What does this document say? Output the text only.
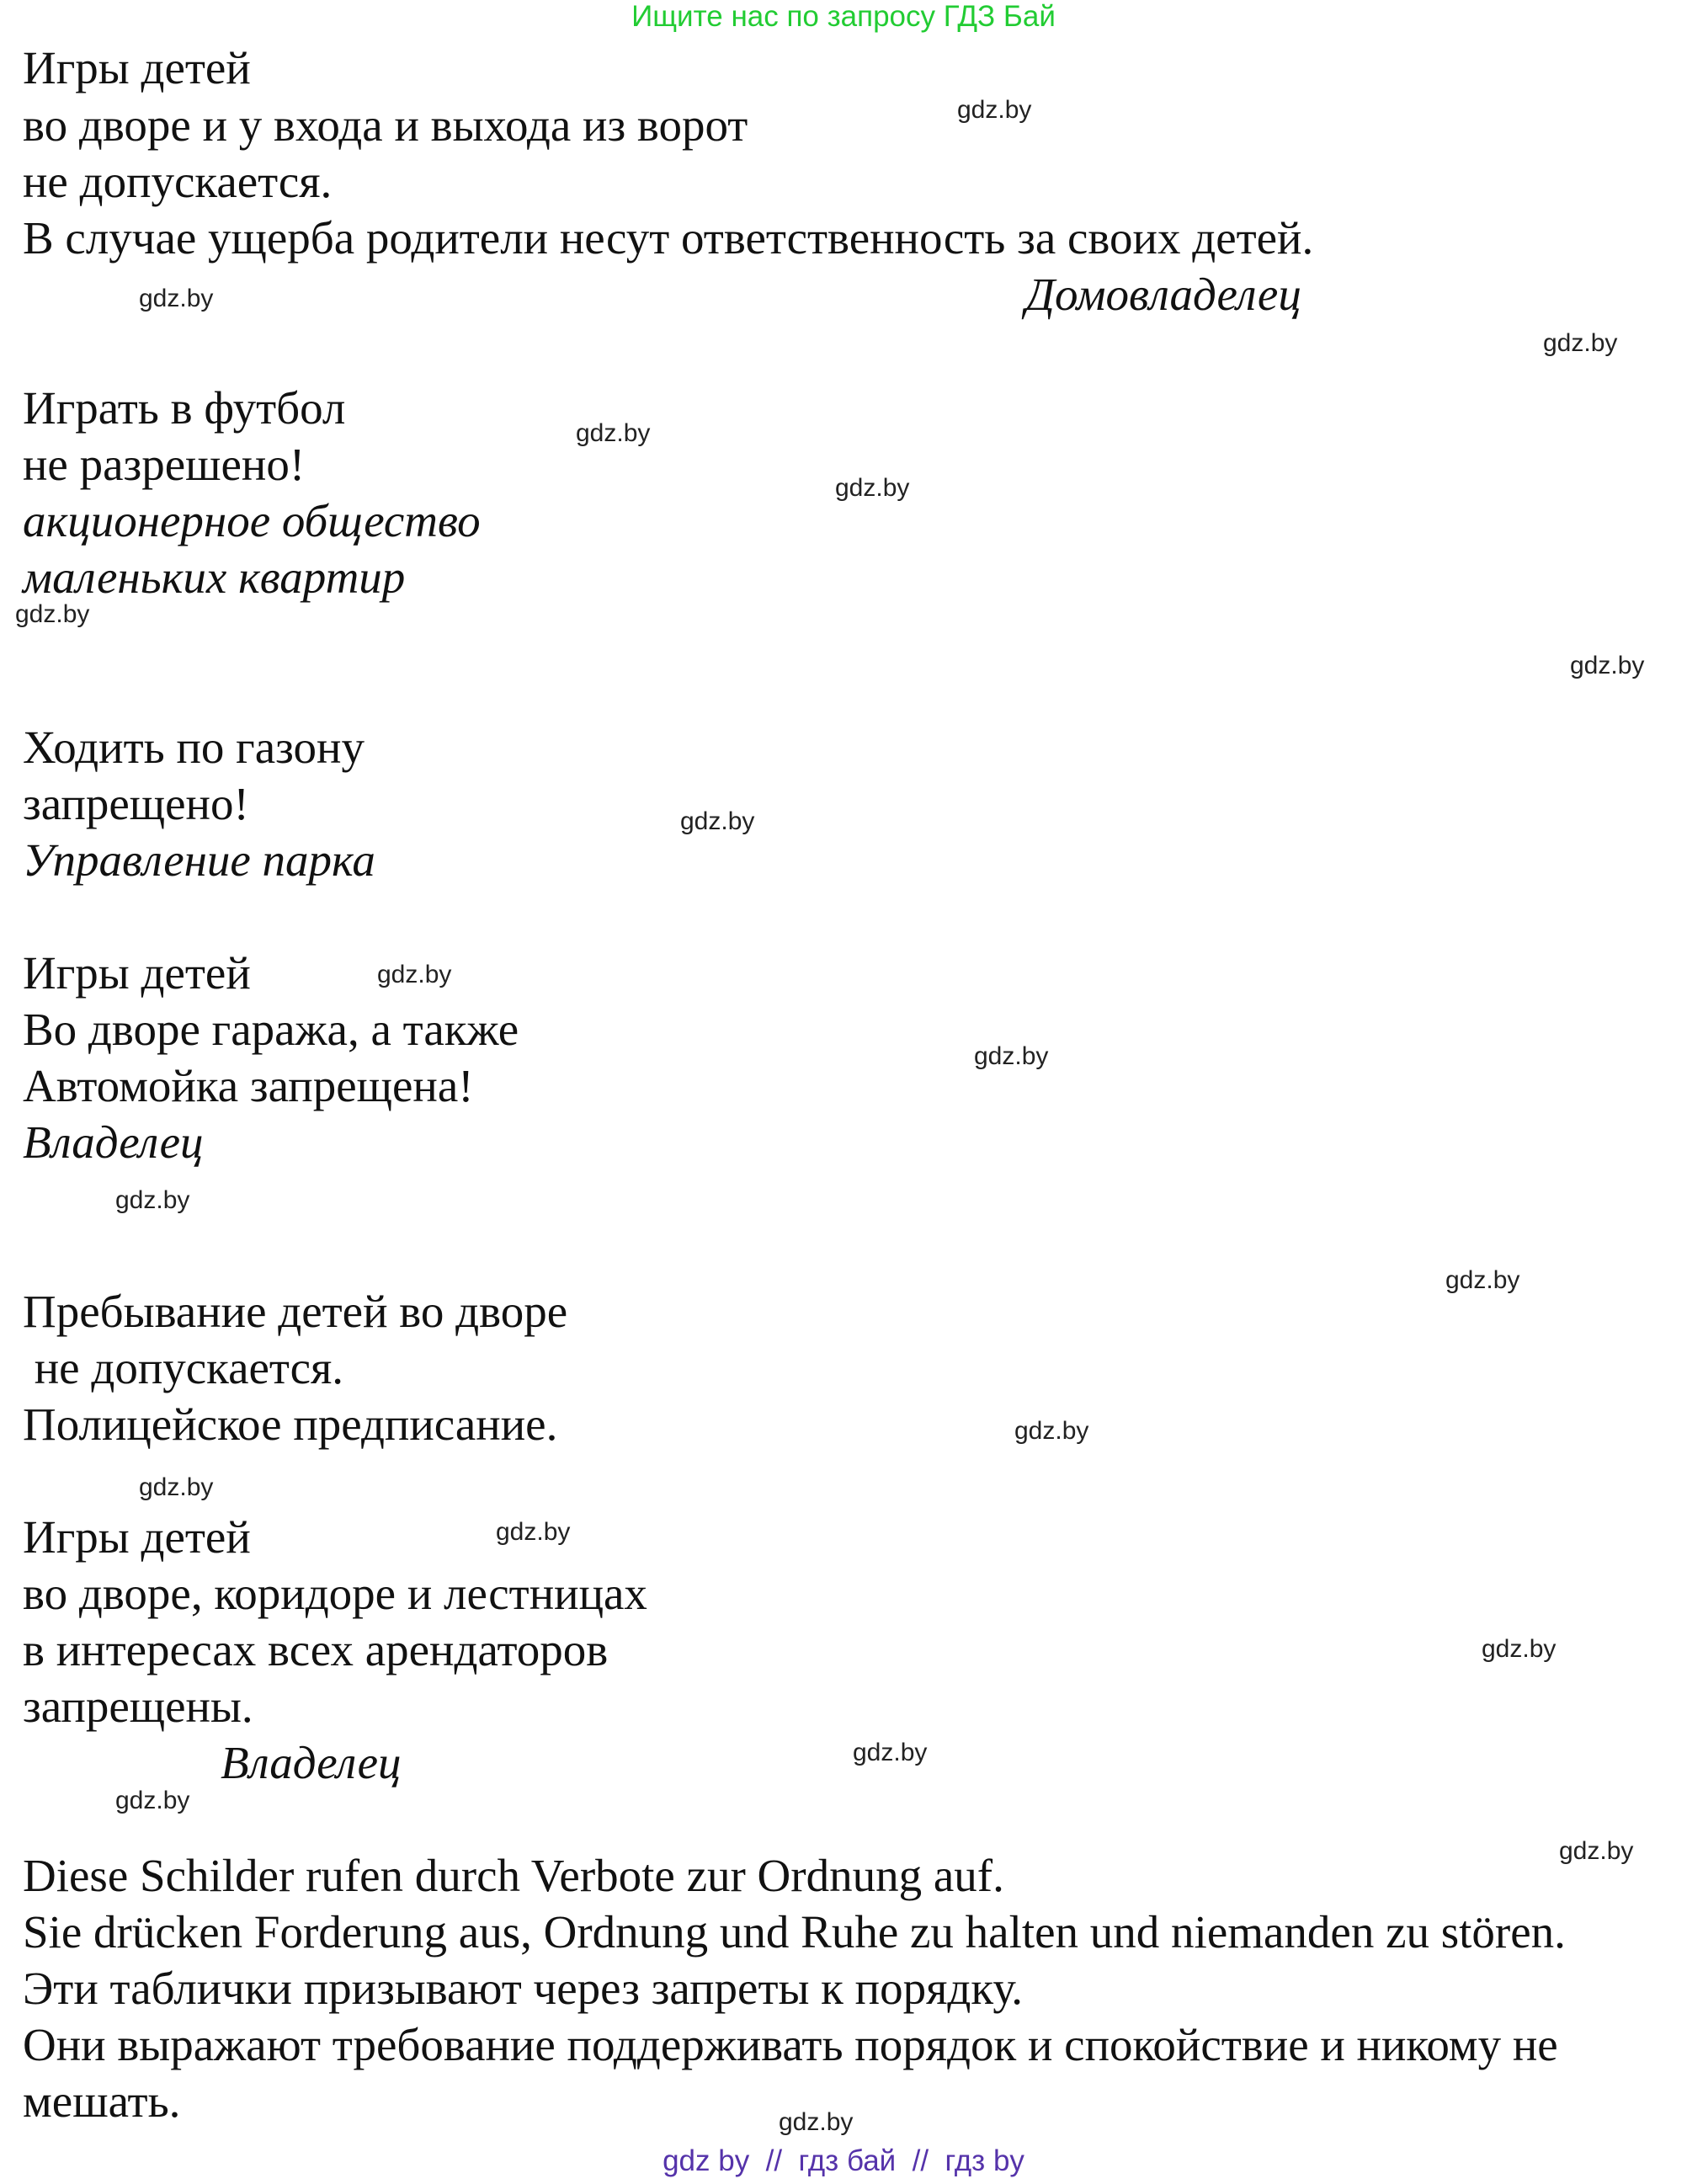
Ищите нас по запросу ГДЗ Бай

Игры детей

во дворе и у входа и выхода из ворот

не допускается.

В случае ущерба родители несут ответственность за своих детей.

Домовладелец

Играть в футбол

не разрешено!

акционерное общество

маленьких квартир

Ходить по газону

запрещено!

Управление парка

Игры детей

Во дворе гаража, а также

Автомойка запрещена!

Владелец

Пребывание детей во дворе

не допускается.

Полицейское предписание.

Игры детей

во дворе, коридоре и лестницах

в интересах всех арендаторов

запрещены.

Владелец

Diese Schilder rufen durch Verbote zur Ordnung auf.

Sie drücken Forderung aus, Ordnung und Ruhe zu halten und niemanden zu stören.

Эти таблички призывают через запреты к порядку.

Они выражают требование поддерживать порядок и спокойствие и никому не

мешать.

gdz.by
gdz.by
gdz.by
gdz.by
gdz.by
gdz.by
gdz.by
gdz.by
gdz.by
gdz.by
gdz.by
gdz.by
gdz.by
gdz.by
gdz.by
gdz.by
gdz.by
gdz.by
gdz.by
gdz.by
gdz by  //  гдз бай  //  гдз by
